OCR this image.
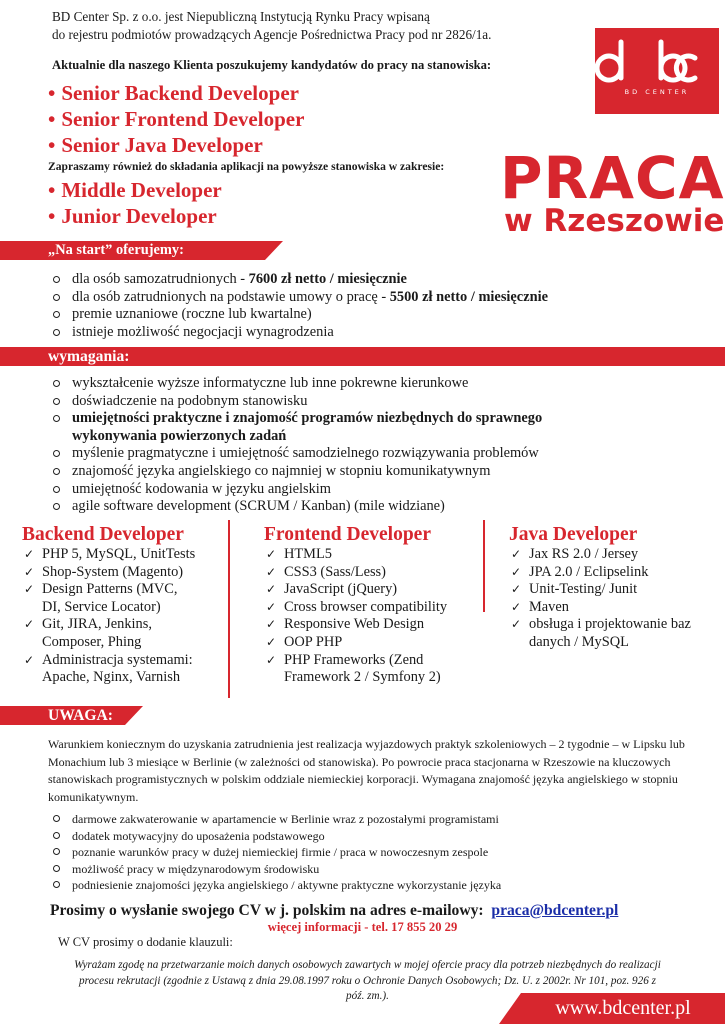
BD Center Sp. z o.o. jest Niepubliczną Instytucją Rynku Pracy wpisaną
do rejestru podmiotów prowadzących Agencje Pośrednictwa Pracy pod nr 2826/1a.
Aktualnie dla naszego Klienta poszukujemy kandydatów do pracy na stanowiska:
• Senior Backend Developer
• Senior Frontend Developer
• Senior Java Developer
Zapraszamy również do składania aplikacji na powyższe stanowiska w zakresie:
• Middle Developer
• Junior Developer
BD CENTER
PRACA
w Rzeszowie
„Na start” oferujemy:
dla osób samozatrudnionych - 7600 zł netto / miesięcznie
dla osób zatrudnionych na podstawie umowy o pracę - 5500 zł netto / miesięcznie
premie uznaniowe (roczne lub kwartalne)
istnieje możliwość negocjacji wynagrodzenia
wymagania:
wykształcenie wyższe informatyczne lub inne pokrewne kierunkowe
doświadczenie na podobnym stanowisku
umiejętności praktyczne i znajomość programów niezbędnych do sprawnego
wykonywania powierzonych zadań
myślenie pragmatyczne i umiejętność samodzielnego rozwiązywania problemów
znajomość języka angielskiego co najmniej w stopniu komunikatywnym
umiejętność kodowania w języku angielskim
agile software development (SCRUM / Kanban) (mile widziane)
Backend Developer
✓ PHP 5, MySQL, UnitTests
✓ Shop-System (Magento)
✓ Design Patterns (MVC,
DI, Service Locator)
✓ Git, JIRA, Jenkins,
Composer, Phing
✓ Administracja systemami:
Apache, Nginx, Varnish
Frontend Developer
✓ HTML5
✓ CSS3 (Sass/Less)
✓ JavaScript (jQuery)
✓ Cross browser compatibility
✓ Responsive Web Design
✓ OOP PHP
✓ PHP Frameworks (Zend
Framework 2 / Symfony 2)
Java Developer
✓ Jax RS 2.0 / Jersey
✓ JPA 2.0 / Eclipselink
✓ Unit-Testing/ Junit
✓ Maven
✓ obsługa i projektowanie baz
danych / MySQL
UWAGA:
Warunkiem koniecznym do uzyskania zatrudnienia jest realizacja wyjazdowych praktyk szkoleniowych – 2 tygodnie – w Lipsku lub Monachium lub 3 miesiące w Berlinie (w zależności od stanowiska). Po powrocie praca stacjonarna w Rzeszowie na kluczowych stanowiskach programistycznych w polskim oddziale niemieckiej korporacji. Wymagana znajomość języka angielskiego w stopniu komunikatywnym.
darmowe zakwaterowanie w apartamencie w Berlinie wraz z pozostałymi programistami
dodatek motywacyjny do uposażenia podstawowego
poznanie warunków pracy w dużej niemieckiej firmie / praca w nowoczesnym zespole
możliwość pracy w międzynarodowym środowisku
podniesienie znajomości języka angielskiego / aktywne praktyczne wykorzystanie języka
Prosimy o wysłanie swojego CV w j. polskim na adres e-mailowy: praca@bdcenter.pl
więcej informacji - tel. 17 855 20 29
W CV prosimy o dodanie klauzuli:
Wyrażam zgodę na przetwarzanie moich danych osobowych zawartych w mojej ofercie pracy dla potrzeb niezbędnych do realizacji procesu rekrutacji (zgodnie z Ustawą z dnia 29.08.1997 roku o Ochronie Danych Osobowych; Dz. U. z 2002r. Nr 101, poz. 926 z póź. zm.).
www.bdcenter.pl
